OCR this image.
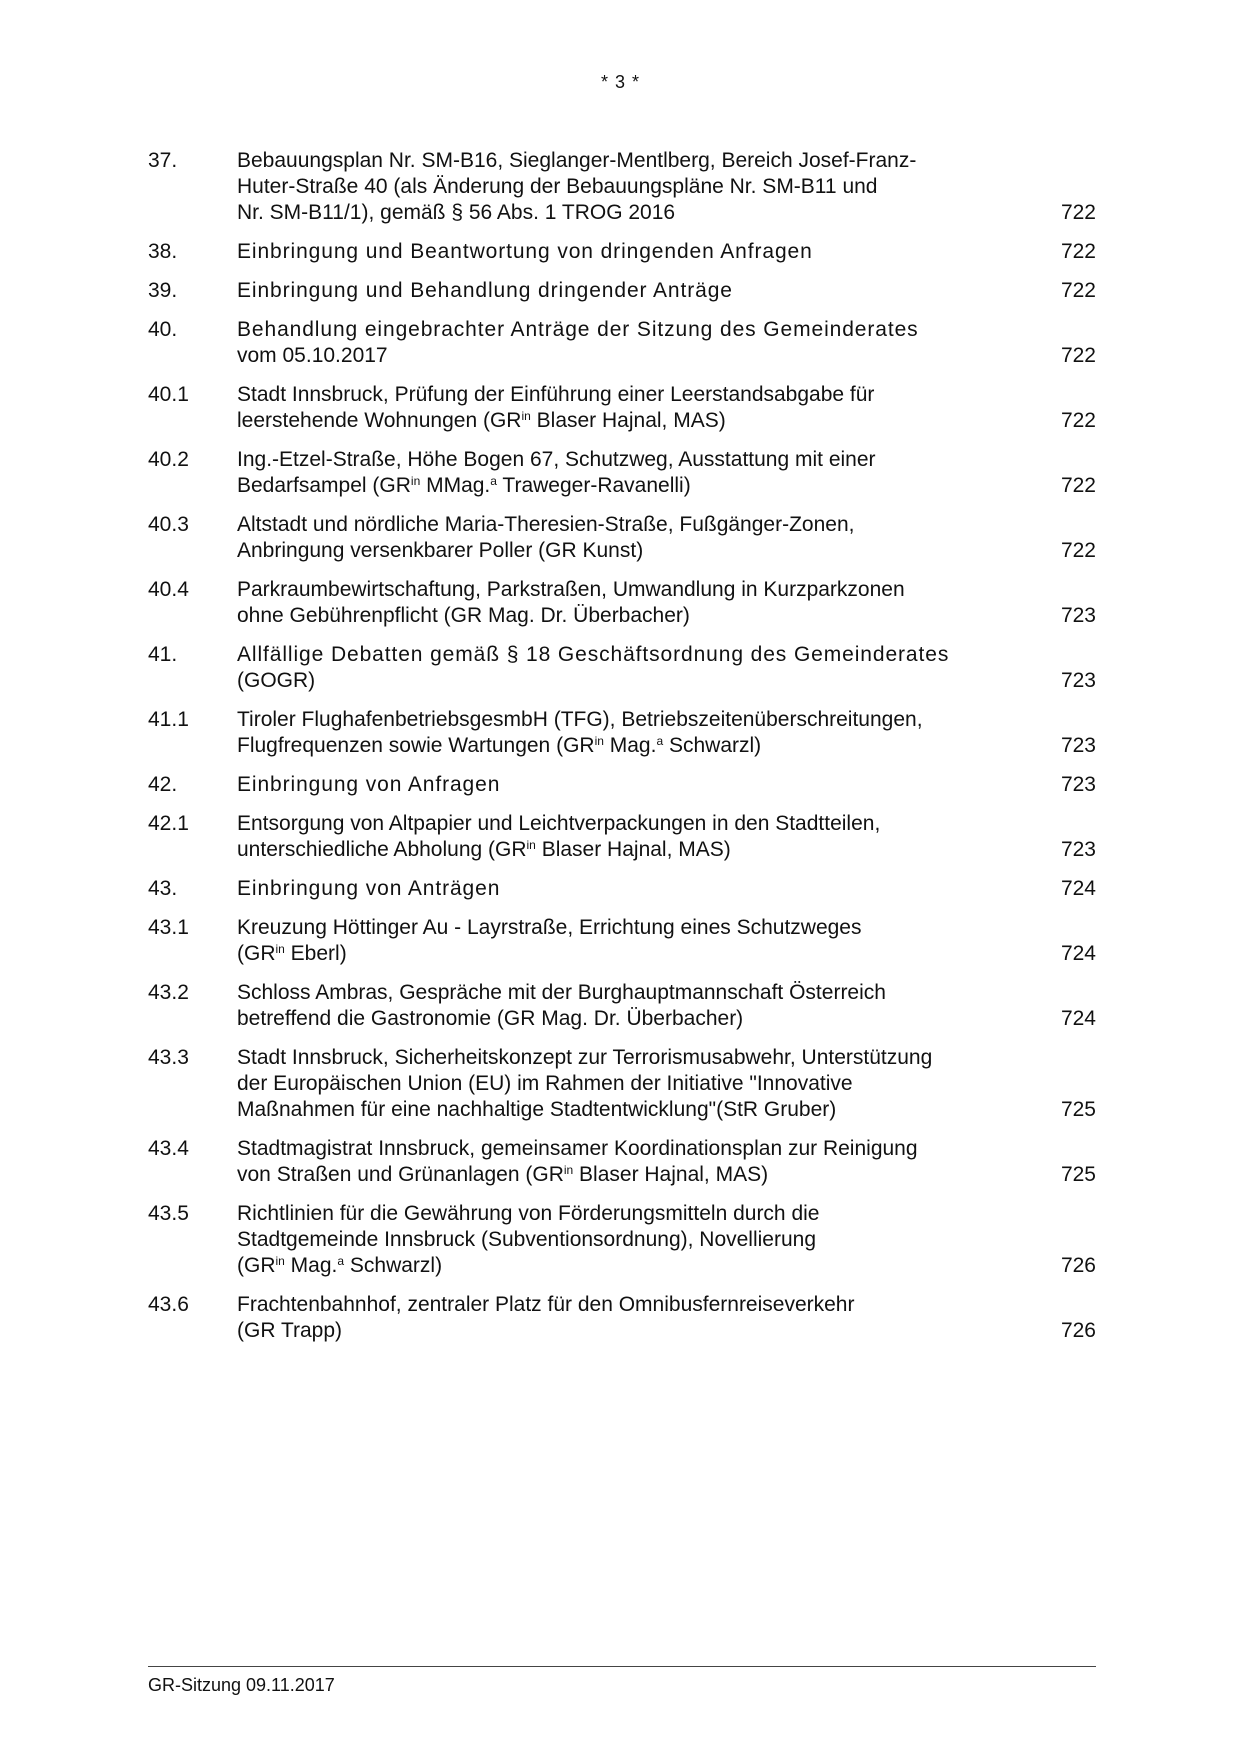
* 3 *
37.	Bebauungsplan Nr. SM-B16, Sieglanger-Mentlberg, Bereich Josef-Franz-
Huter-Straße 40 (als Änderung der Bebauungspläne Nr. SM-B11 und
Nr. SM-B11/1), gemäß § 56 Abs. 1 TROG 2016	722
38.	Einbringung und Beantwortung von dringenden Anfragen	722
39.	Einbringung und Behandlung dringender Anträge	722
40.	Behandlung eingebrachter Anträge der Sitzung des Gemeinderates
vom 05.10.2017	722
40.1	Stadt Innsbruck, Prüfung der Einführung einer Leerstandsabgabe für
leerstehende Wohnungen ($GR^{in}$ Blaser Hajnal, MAS)	722
40.2	Ing.-Etzel-Straße, Höhe Bogen 67, Schutzweg, Ausstattung mit einer
Bedarfsampel ($GR^{in}$ MMag.$^a$ Traweger-Ravanelli)	722
40.3	Altstadt und nördliche Maria-Theresien-Straße, Fußgänger-Zonen,
Anbringung versenkbarer Poller (GR Kunst)	722
40.4	Parkraumbewirtschaftung, Parkstraßen, Umwandlung in Kurzparkzonen
ohne Gebührenpflicht (GR Mag. Dr. Überbacher)	723
41.	Allfällige Debatten gemäß § 18 Geschäftsordnung des Gemeinderates
(GOGR)	723
41.1	Tiroler FlughafenbetriebsgesmbH (TFG), Betriebszeitenüberschreitungen,
Flugfrequenzen sowie Wartungen ($GR^{in}$ Mag.$^a$ Schwarzl)	723
42.	Einbringung von Anfragen	723
42.1	Entsorgung von Altpapier und Leichtverpackungen in den Stadtteilen,
unterschiedliche Abholung ($GR^{in}$ Blaser Hajnal, MAS)	723
43.	Einbringung von Anträgen	724
43.1	Kreuzung Höttinger Au - Layrstraße, Errichtung eines Schutzweges
($GR^{in}$ Eberl)	724
43.2	Schloss Ambras, Gespräche mit der Burghauptmannschaft Österreich
betreffend die Gastronomie (GR Mag. Dr. Überbacher)	724
43.3	Stadt Innsbruck, Sicherheitskonzept zur Terrorismusabwehr, Unterstützung
der Europäischen Union (EU) im Rahmen der Initiative "Innovative
Maßnahmen für eine nachhaltige Stadtentwicklung"(StR Gruber)	725
43.4	Stadtmagistrat Innsbruck, gemeinsamer Koordinationsplan zur Reinigung
von Straßen und Grünanlagen ($GR^{in}$ Blaser Hajnal, MAS)	725
43.5	Richtlinien für die Gewährung von Förderungsmitteln durch die
Stadtgemeinde Innsbruck (Subventionsordnung), Novellierung
($GR^{in}$ Mag.$^a$ Schwarzl)	726
43.6	Frachtenbahnhof, zentraler Platz für den Omnibusfernreiseverkehr
(GR Trapp)	726
GR-Sitzung 09.11.2017
